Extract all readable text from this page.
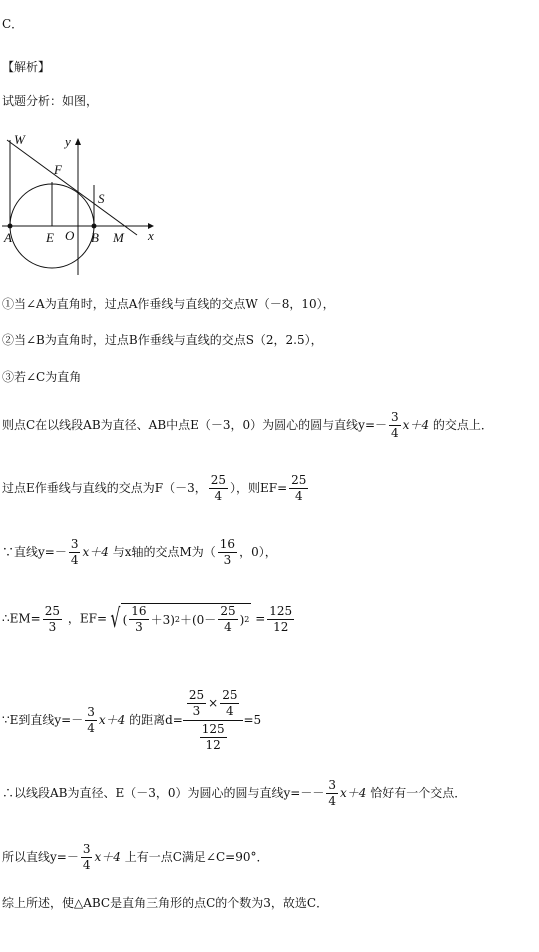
C．
【解析】
试题分析：如图，
W	y
F
S
A	E O B M x
①当∠A为直角时，过点A作垂线与直线的交点W（－8，10），
②当∠B为直角时，过点B作垂线与直线的交点S（2，2.5），
③若∠C为直角
则点C在以线段AB为直径、AB中点E（－3，0）为圆心的圆与直线$y=- \frac{3}{4} x+4$ 的交点上．
过点E作垂线与直线的交点为F（－3， $\frac{25}{4}$ ），则$EF= \frac{25}{4}$
∵直线$y=- \frac{3}{4} x+4$ 与x轴的交点M为（ $\frac{16}{3}$ ，0），
∴EM= $\frac{25}{3}$ ，EF= √ ( $\frac{16}{3} +3$) $2 +(0- \frac{25}{4}$ ) $2 = \frac{125}{12}$
∵E到直线$y=- \frac{3}{4} x+4$ 的距离$d= \frac{\frac{25}{3} \times \frac{25}{4}}{\frac{125}{12}} =5$
∴以线段AB为直径、E（－3，0）为圆心的圆与直线$y=-- \frac{3}{4} x+4$ 恰好有一个交点．
所以直线$y=- \frac{3}{4} x+4$ 上有一点C满足∠C=90°．
综上所述，使△ABC是直角三角形的点C的个数为3，故选C．
